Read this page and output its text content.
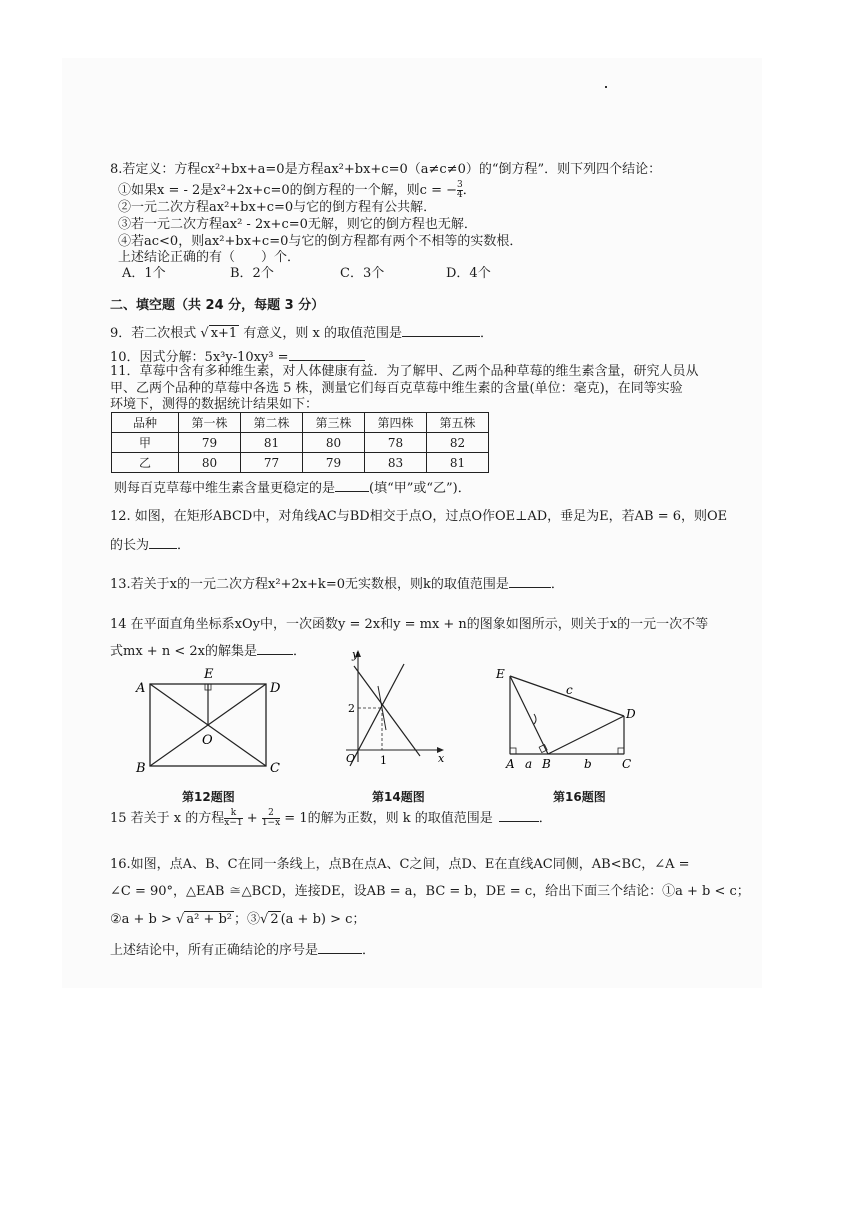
8.若定义：方程cx²+bx+a=0是方程ax²+bx+c=0（a≠c≠0）的“倒方程”．则下列四个结论：
①如果x = - 2是x²+2x+c=0的倒方程的一个解，则c = − $\frac{3}{4}$ ．
②一元二次方程ax²+bx+c=0与它的倒方程有公共解．
③若一元二次方程ax² - 2x+c=0无解，则它的倒方程也无解．
④若ac<0，则ax²+bx+c=0与它的倒方程都有两个不相等的实数根．
上述结论正确的有（　　）个．
A．1个	B．2个	C．3个	D．4个
二、填空题（共 24 分，每题 3 分）
9．若二次根式 √ x+1 有意义，则 x 的取值范围是	．
10．因式分解：5x³y-10xy³ =
11．草莓中含有多种维生素，对人体健康有益．为了解甲、乙两个品种草莓的维生素含量，研究人员从
甲、乙两个品种的草莓中各选 5 株，测量它们每百克草莓中维生素的含量(单位：毫克)，在同等实验
环境下，测得的数据统计结果如下：
品种	第一株	第二株	第三株	第四株	第五株
甲	79	81	80	78	82
乙	80	77	79	83	81
则每百克草莓中维生素含量更稳定的是	(填“甲”或“乙”)．
12. 如图，在矩形ABCD中，对角线AC与BD相交于点O，过点O作OE⊥AD，垂足为E，若AB = 6，则OE
的长为 ．
13.若关于x的一元二次方程x²+2x+k=0无实数根，则k的取值范围是	．
14 在平面直角坐标系xOy中，一次函数y = 2x和y = mx + n的图象如图所示，则关于x的一元一次不等
式mx + n < 2x的解集是	．
A
B	C
D
E
O
第12题图
y
x
O
2
1
第14题图
E
D
A B	C
a	b
c
第16题图
15 若关于 x 的方程 $\frac{k}{x-1} + \frac{2}{1-x} = 1$的解为正数，则 k 的取值范围是	．
16.如图，点A、B、C在同一条线上，点B在点A、C之间，点D、E在直线AC同侧，AB<BC，∠A =
∠C = 90°，△EAB ≅△BCD，连接DE，设AB = a，BC = b，DE = c，给出下面三个结论：①a + b < c；
②a + b > √ a² + b² ；③√ 2 (a + b) > c；
上述结论中，所有正确结论的序号是	．
